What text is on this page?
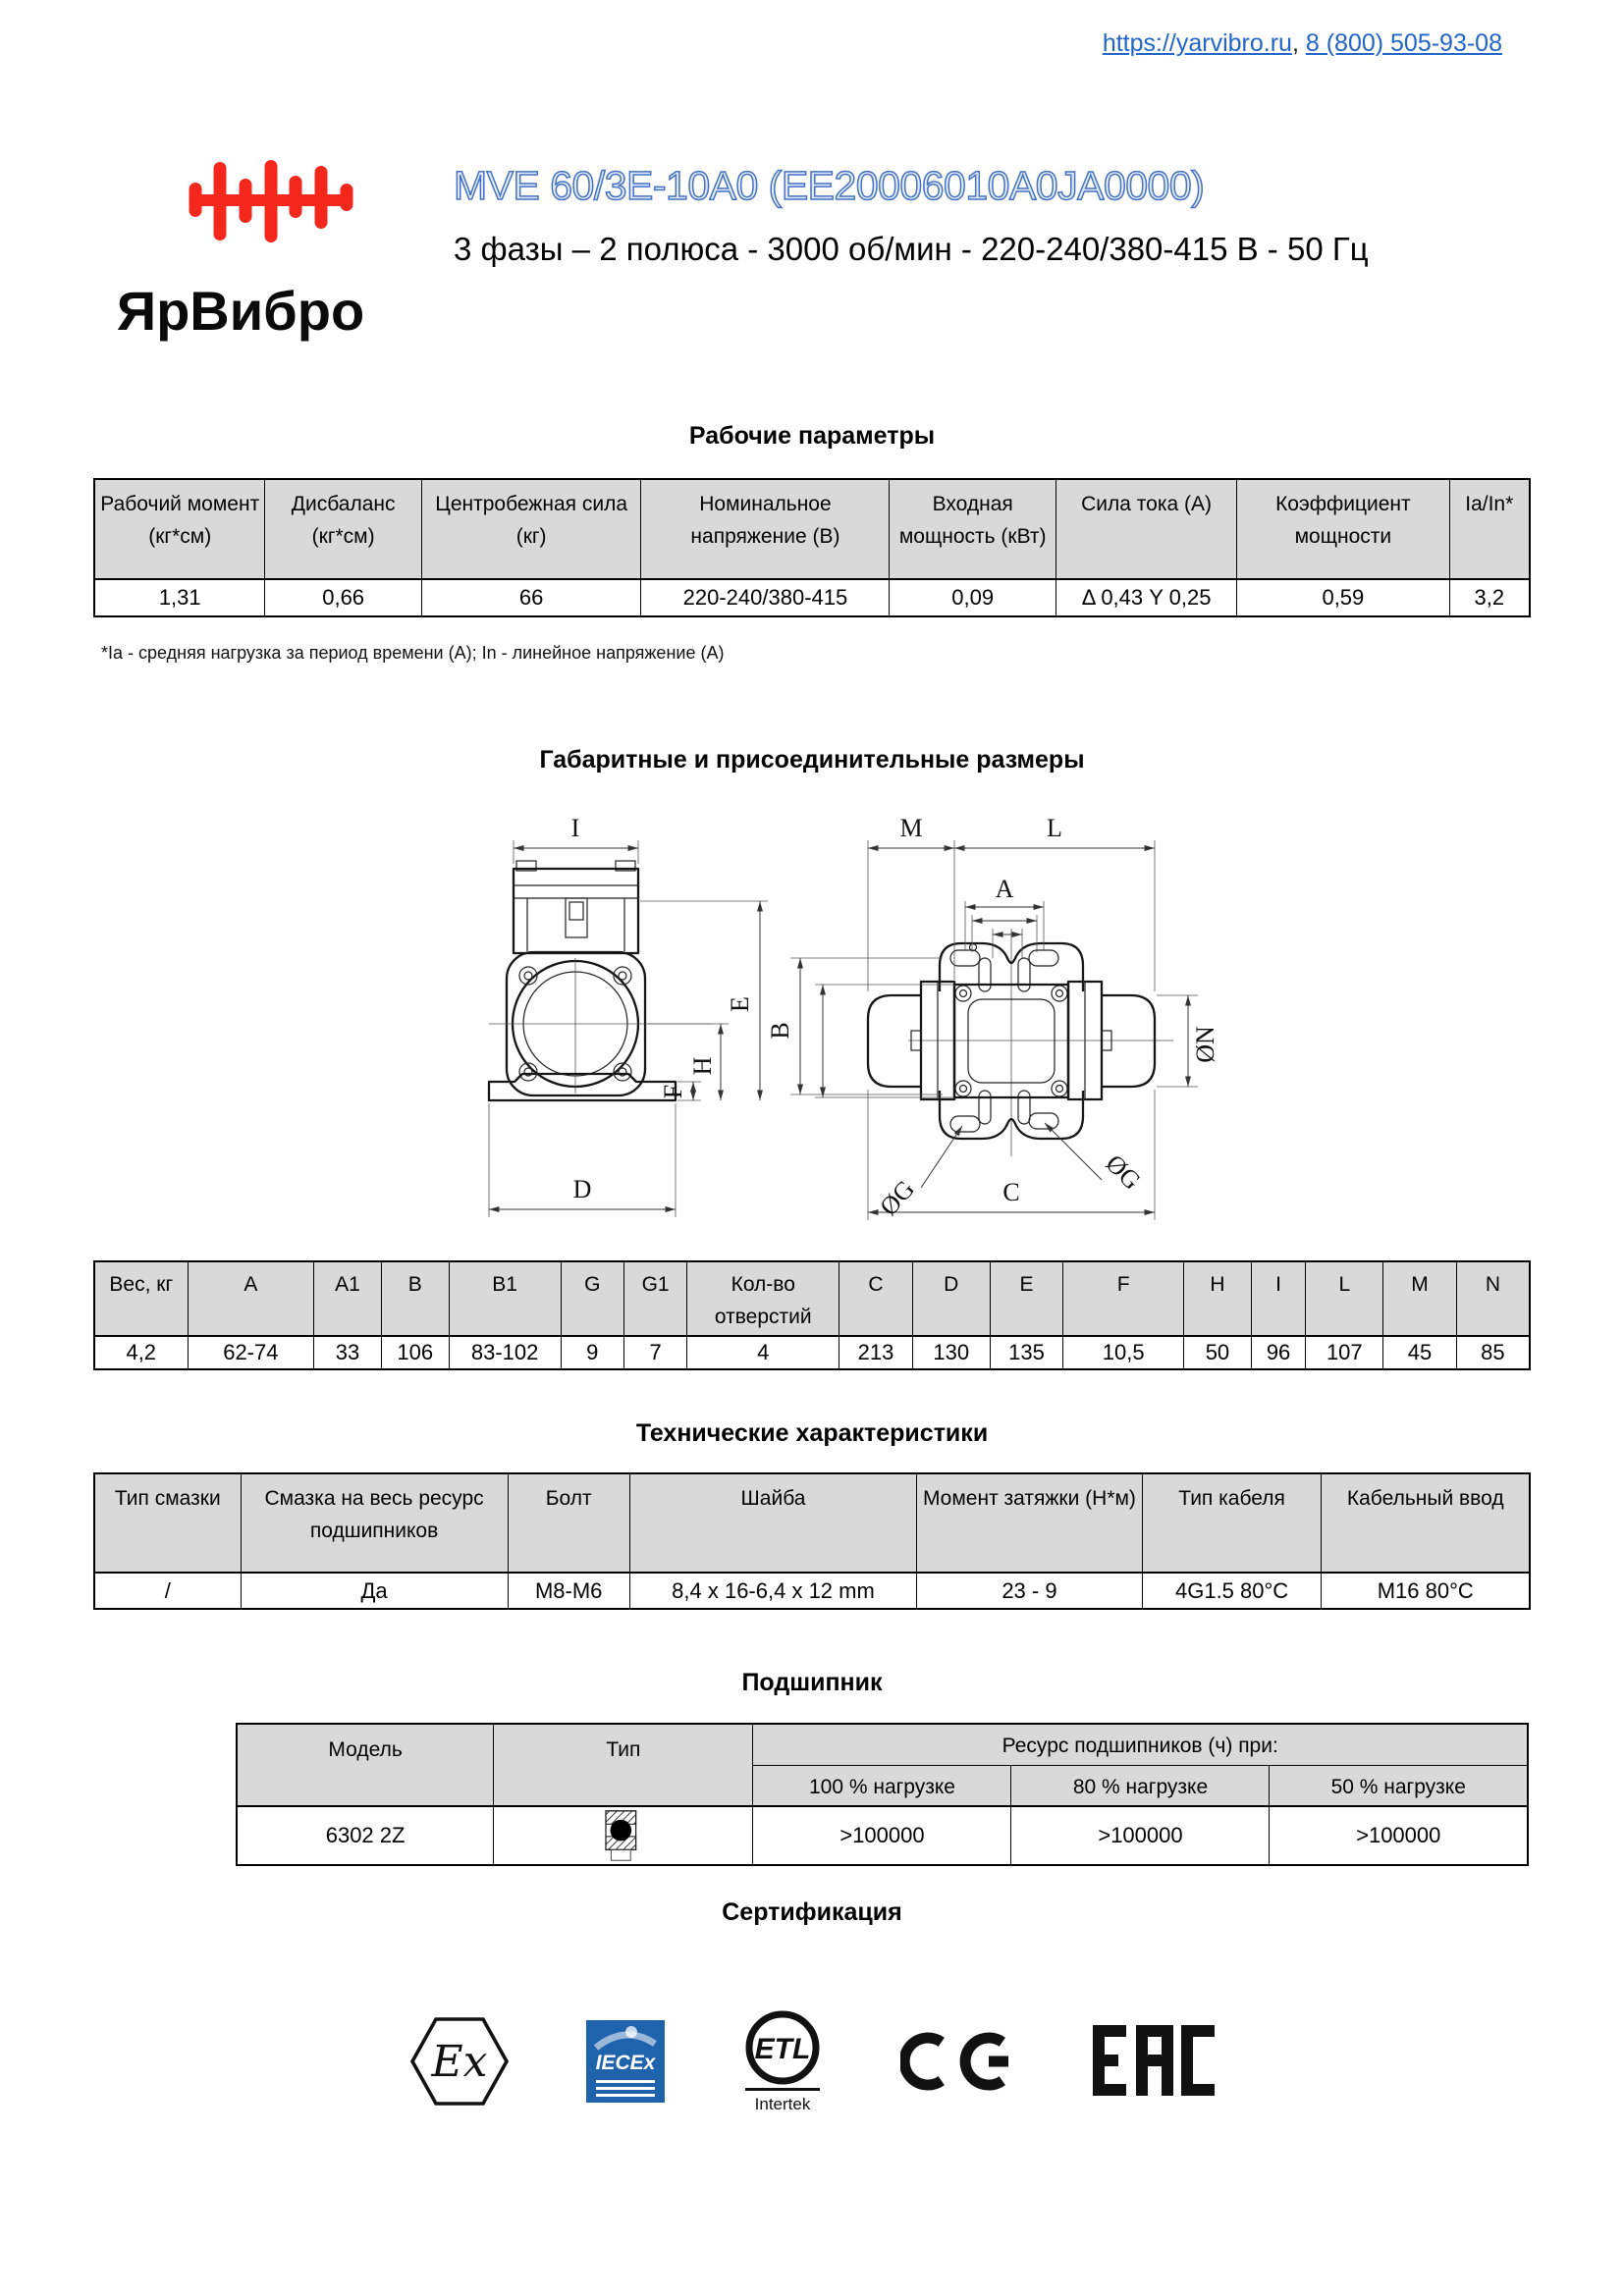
https://yarvibro.ru, 8 (800) 505-93-08
ЯрВибро
MVE 60/3E-10A0 (EE20006010A0JA0000)
3 фазы – 2 полюса - 3000 об/мин - 220-240/380-415 В - 50 Гц
Рабочие параметры
Рабочий момент (кг*см)	Дисбаланс (кг*см)	Центробежная сила (кг)	Номинальное напряжение (В)	Входная мощность (кВт)	Сила тока (А)	Коэффициент мощности	Ia/In*
1,31	0,66	66	220-240/380-415	0,09	Δ 0,43 Y 0,25	0,59	3,2
*Ia - средняя нагрузка за период времени (А); In - линейное напряжение (А)
Габаритные и присоединительные размеры
I
D
F
H
E
M	L
A
B	ØN
C
ØG
ØG
Вес, кг	A	A1	B	B1	G	G1	Кол-во отверстий	C	D	E	F	H	I	L	M	N
4,2	62-74	33	106	83-102	9	7	4	213	130	135	10,5	50	96	107	45	85
Технические характеристики
Тип смазки	Смазка на весь ресурс подшипников	Болт	Шайба	Момент затяжки (Н*м)	Тип кабеля	Кабельный ввод
/	Да	M8-M6	8,4 x 16-6,4 x 12 mm	23 - 9	4G1.5 80°C	M16 80°C
Подшипник
Модель	Тип	Ресурс подшипников (ч) при:		
		100 % нагрузке	80 % нагрузке	50 % нагрузке
6302 2Z		>100000	>100000	>100000
Сертификация
Ex	IECEx	ETL
Intertek
